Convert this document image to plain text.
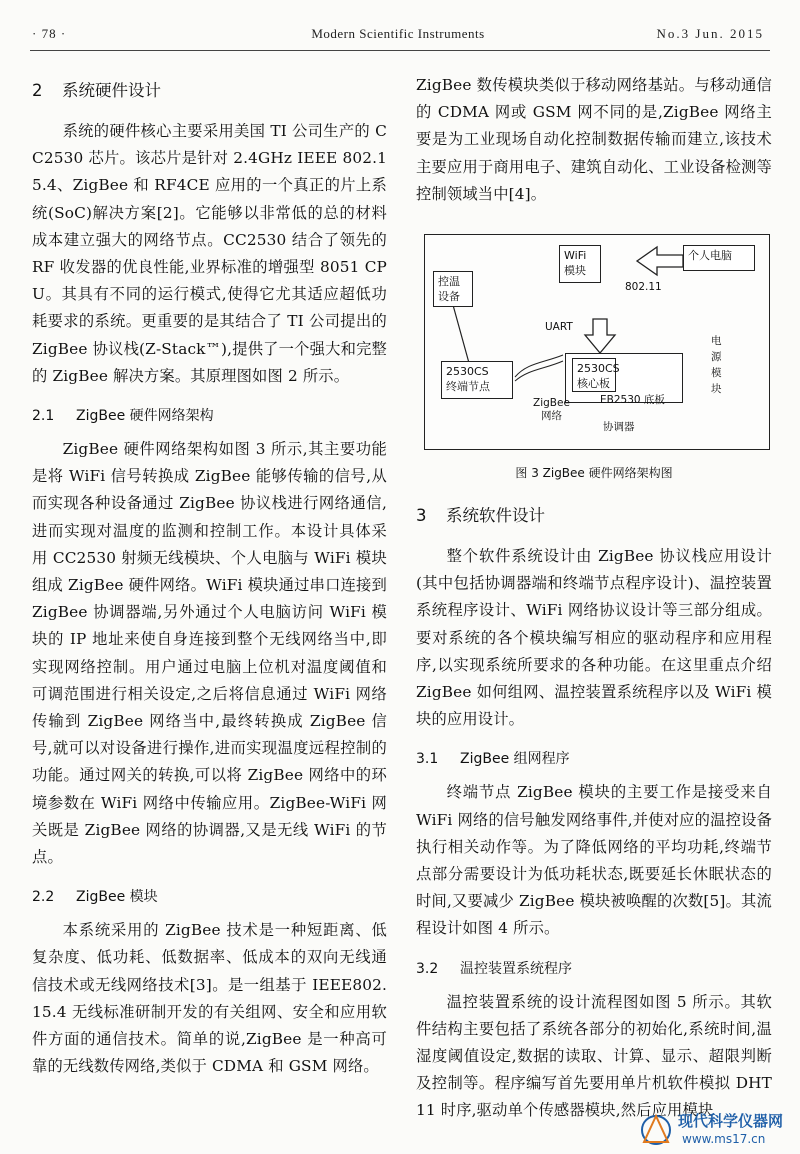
· 78 ·	Modern Scientific Instruments	No.3 Jun. 2015
2 系统硬件设计

系统的硬件核心主要采用美国 TI 公司生产的 CC2530 芯片。该芯片是针对 2.4GHz IEEE 802.15.4、ZigBee 和 RF4CE 应用的一个真正的片上系统(SoC)解决方案[2]。它能够以非常低的总的材料成本建立强大的网络节点。CC2530 结合了领先的 RF 收发器的优良性能,业界标准的增强型 8051 CPU。其具有不同的运行模式,使得它尤其适应超低功耗要求的系统。更重要的是其结合了 TI 公司提出的 ZigBee 协议栈(Z-Stack™),提供了一个强大和完整的 ZigBee 解决方案。其原理图如图 2 所示。

2.1 ZigBee 硬件网络架构

ZigBee 硬件网络架构如图 3 所示,其主要功能是将 WiFi 信号转换成 ZigBee 能够传输的信号,从而实现各种设备通过 ZigBee 协议栈进行网络通信,进而实现对温度的监测和控制工作。本设计具体采用 CC2530 射频无线模块、个人电脑与 WiFi 模块组成 ZigBee 硬件网络。WiFi 模块通过串口连接到 ZigBee 协调器端,另外通过个人电脑访问 WiFi 模块的 IP 地址来使自身连接到整个无线网络当中,即实现网络控制。用户通过电脑上位机对温度阈值和可调范围进行相关设定,之后将信息通过 WiFi 网络传输到 ZigBee 网络当中,最终转换成 ZigBee 信号,就可以对设备进行操作,进而实现温度远程控制的功能。通过网关的转换,可以将 ZigBee 网络中的环境参数在 WiFi 网络中传输应用。ZigBee-WiFi 网关既是 ZigBee 网络的协调器,又是无线 WiFi 的节点。

2.2 ZigBee 模块

本系统采用的 ZigBee 技术是一种短距离、低复杂度、低功耗、低数据率、低成本的双向无线通信技术或无线网络技术[3]。是一组基于 IEEE802.15.4 无线标准研制开发的有关组网、安全和应用软件方面的通信技术。简单的说,ZigBee 是一种高可靠的无线数传网络,类似于 CDMA 和 GSM 网络。

ZigBee 数传模块类似于移动网络基站。与移动通信的 CDMA 网或 GSM 网不同的是,ZigBee 网络主要是为工业现场自动化控制数据传输而建立,该技术主要应用于商用电子、建筑自动化、工业设备检测等控制领域当中[4]。

WiFi
模块
个人电脑
802.11
控温
设备
UART

2530CS
核心板

EB2530 底板

2530CS
终端节点
ZigBee
网络
协调器
电
源
模
块
图 3 ZigBee 硬件网络架构图
3 系统软件设计

整个软件系统设计由 ZigBee 协议栈应用设计(其中包括协调器端和终端节点程序设计)、温控装置系统程序设计、WiFi 网络协议设计等三部分组成。要对系统的各个模块编写相应的驱动程序和应用程序,以实现系统所要求的各种功能。在这里重点介绍 ZigBee 如何组网、温控装置系统程序以及 WiFi 模块的应用设计。

3.1 ZigBee 组网程序

终端节点 ZigBee 模块的主要工作是接受来自 WiFi 网络的信号触发网络事件,并使对应的温控设备执行相关动作等。为了降低网络的平均功耗,终端节点部分需要设计为低功耗状态,既要延长休眠状态的时间,又要减少 ZigBee 模块被唤醒的次数[5]。其流程设计如图 4 所示。

3.2 温控装置系统程序

温控装置系统的设计流程图如图 5 所示。其软件结构主要包括了系统各部分的初始化,系统时间,温湿度阈值设定,数据的读取、计算、显示、超限判断及控制等。程序编写首先要用单片机软件模拟 DHT11 时序,驱动单个传感器模块,然后应用模块

现代科学仪器网
www.ms17.cn
